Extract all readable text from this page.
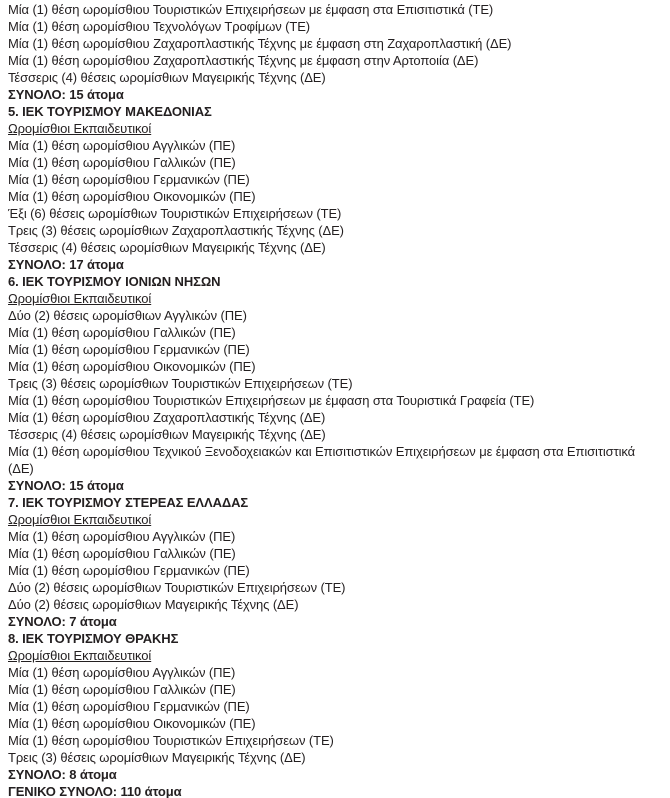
Μία (1) θέση ωρομίσθιου Τουριστικών Επιχειρήσεων με έμφαση στα Επισιτιστικά (ΤΕ)
Μία (1) θέση ωρομίσθιου Τεχνολόγων Τροφίμων (ΤΕ)
Μία (1) θέση ωρομίσθιου Ζαχαροπλαστικής Τέχνης με έμφαση στη Ζαχαροπλαστική (ΔΕ)
Μία (1) θέση ωρομίσθιου Ζαχαροπλαστικής Τέχνης με έμφαση στην Αρτοποιία (ΔΕ)
Τέσσερις (4) θέσεις ωρομίσθιων Μαγειρικής Τέχνης (ΔΕ)
ΣΥΝΟΛΟ: 15 άτομα
5. ΙΕΚ ΤΟΥΡΙΣΜΟΥ ΜΑΚΕΔΟΝΙΑΣ
Ωρομίσθιοι Εκπαιδευτικοί
Μία (1) θέση ωρομίσθιου Αγγλικών (ΠΕ)
Μία (1) θέση ωρομίσθιου Γαλλικών (ΠΕ)
Μία (1) θέση ωρομίσθιου Γερμανικών (ΠΕ)
Μία (1) θέση ωρομίσθιου Οικονομικών (ΠΕ)
Έξι (6) θέσεις ωρομίσθιων Τουριστικών Επιχειρήσεων (ΤΕ)
Τρεις (3) θέσεις ωρομίσθιων Ζαχαροπλαστικής Τέχνης (ΔΕ)
Τέσσερις (4) θέσεις ωρομίσθιων Μαγειρικής Τέχνης (ΔΕ)
ΣΥΝΟΛΟ: 17 άτομα
6. ΙΕΚ ΤΟΥΡΙΣΜΟΥ ΙΟΝΙΩΝ ΝΗΣΩΝ
Ωρομίσθιοι Εκπαιδευτικοί
Δύο (2) θέσεις ωρομίσθιων Αγγλικών (ΠΕ)
Μία (1) θέση ωρομίσθιου Γαλλικών (ΠΕ)
Μία (1) θέση ωρομίσθιου Γερμανικών (ΠΕ)
Μία (1) θέση ωρομίσθιου Οικονομικών (ΠΕ)
Τρεις (3) θέσεις ωρομίσθιων Τουριστικών Επιχειρήσεων (ΤΕ)
Μία (1) θέση ωρομίσθιου Τουριστικών Επιχειρήσεων με έμφαση στα Τουριστικά Γραφεία (ΤΕ)
Μία (1) θέση ωρομίσθιου Ζαχαροπλαστικής Τέχνης (ΔΕ)
Τέσσερις (4) θέσεις ωρομίσθιων Μαγειρικής Τέχνης (ΔΕ)
Μία (1) θέση ωρομίσθιου Τεχνικού Ξενοδοχειακών και Επισιτιστικών Επιχειρήσεων με έμφαση στα Επισιτιστικά (ΔΕ)
ΣΥΝΟΛΟ: 15 άτομα
7. ΙΕΚ ΤΟΥΡΙΣΜΟΥ ΣΤΕΡΕΑΣ ΕΛΛΑΔΑΣ
Ωρομίσθιοι Εκπαιδευτικοί
Μία (1) θέση ωρομίσθιου Αγγλικών (ΠΕ)
Μία (1) θέση ωρομίσθιου Γαλλικών (ΠΕ)
Μία (1) θέση ωρομίσθιου Γερμανικών (ΠΕ)
Δύο (2) θέσεις ωρομίσθιων Τουριστικών Επιχειρήσεων (ΤΕ)
Δύο (2) θέσεις ωρομίσθιων Μαγειρικής Τέχνης (ΔΕ)
ΣΥΝΟΛΟ: 7 άτομα
8. ΙΕΚ ΤΟΥΡΙΣΜΟΥ ΘΡΑΚΗΣ
Ωρομίσθιοι Εκπαιδευτικοί
Μία (1) θέση ωρομίσθιου Αγγλικών (ΠΕ)
Μία (1) θέση ωρομίσθιου Γαλλικών (ΠΕ)
Μία (1) θέση ωρομίσθιου Γερμανικών (ΠΕ)
Μία (1) θέση ωρομίσθιου Οικονομικών (ΠΕ)
Μία (1) θέση ωρομίσθιου Τουριστικών Επιχειρήσεων (ΤΕ)
Τρεις (3) θέσεις ωρομίσθιων Μαγειρικής Τέχνης (ΔΕ)
ΣΥΝΟΛΟ: 8 άτομα
ΓΕΝΙΚΟ ΣΥΝΟΛΟ: 110 άτομα
